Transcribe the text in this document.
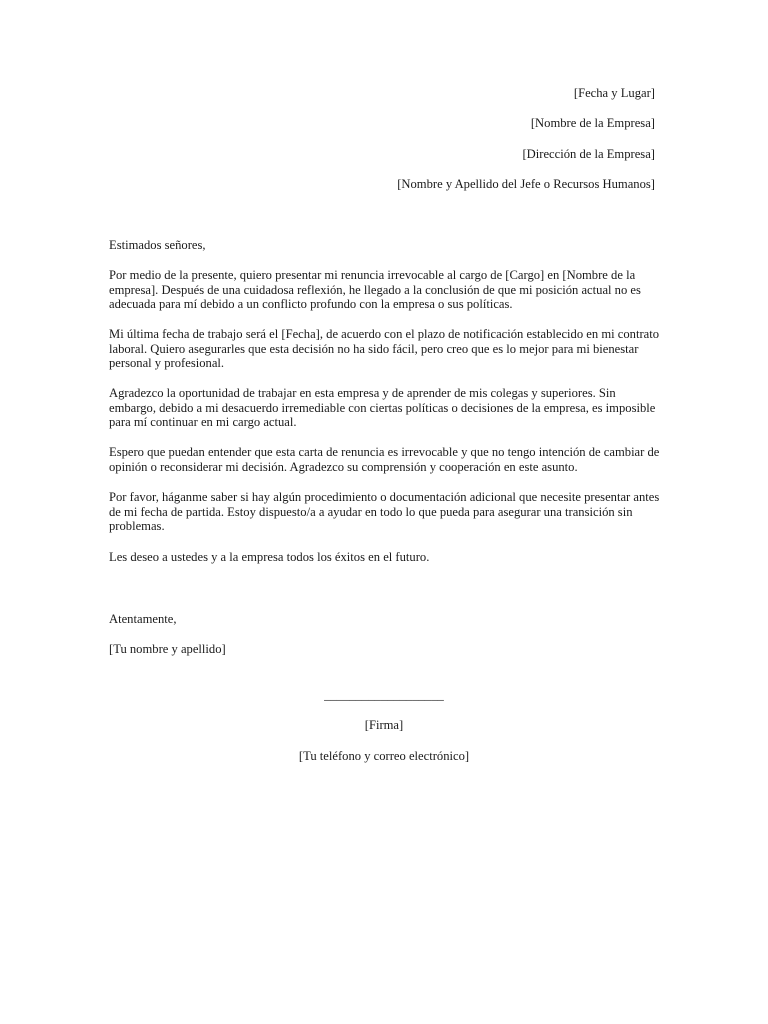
[Fecha y Lugar]
[Nombre de la Empresa]
[Dirección de la Empresa]
[Nombre y Apellido del Jefe o Recursos Humanos]

Estimados señores,

Por medio de la presente, quiero presentar mi renuncia irrevocable al cargo de [Cargo] en [Nombre de la empresa]. Después de una cuidadosa reflexión, he llegado a la conclusión de que mi posición actual no es adecuada para mí debido a un conflicto profundo con la empresa o sus políticas.

Mi última fecha de trabajo será el [Fecha], de acuerdo con el plazo de notificación establecido en mi contrato laboral. Quiero asegurarles que esta decisión no ha sido fácil, pero creo que es lo mejor para mi bienestar personal y profesional.

Agradezco la oportunidad de trabajar en esta empresa y de aprender de mis colegas y superiores. Sin embargo, debido a mi desacuerdo irremediable con ciertas políticas o decisiones de la empresa, es imposible para mí continuar en mi cargo actual.

Espero que puedan entender que esta carta de renuncia es irrevocable y que no tengo intención de cambiar de opinión o reconsiderar mi decisión. Agradezco su comprensión y cooperación en este asunto.

Por favor, háganme saber si hay algún procedimiento o documentación adicional que necesite presentar antes de mi fecha de partida. Estoy dispuesto/a a ayudar en todo lo que pueda para asegurar una transición sin problemas.

Les deseo a ustedes y a la empresa todos los éxitos en el futuro.

Atentamente,

[Tu nombre y apellido]

___________________
[Firma]
[Tu teléfono y correo electrónico]
